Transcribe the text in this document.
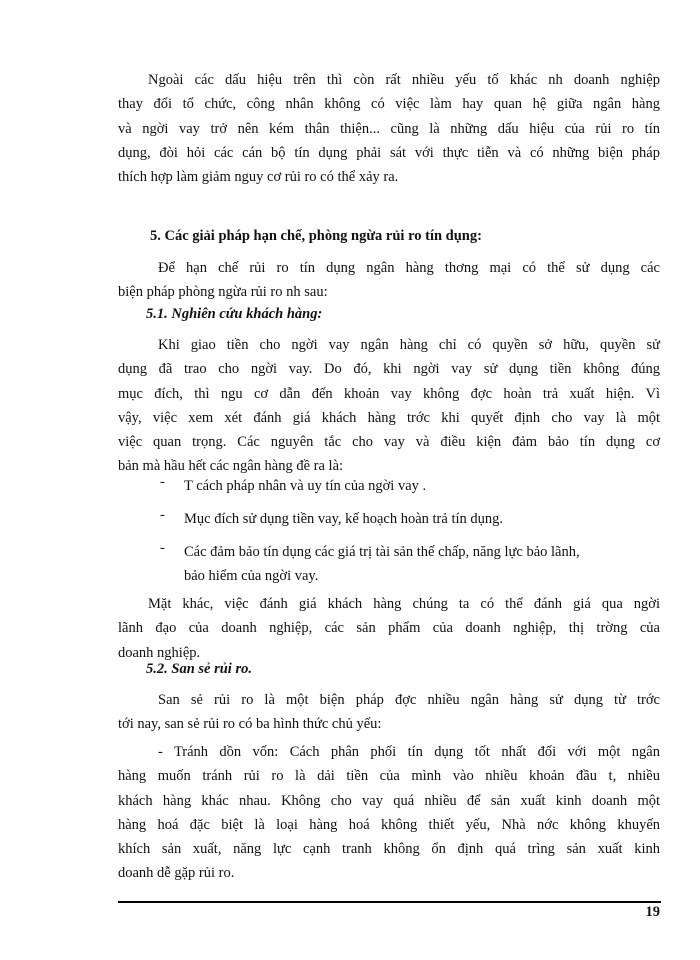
Ngoài các dấu hiệu trên thì còn rất nhiều yếu tố khác nh doanh nghiệp
thay đổi tổ chức, công nhân không có việc làm hay quan hệ giữa ngân hàng
và ngời vay trở nên kém thân thiện... cũng là những dấu hiệu của rủi ro tín
dụng, đòi hỏi các cán bộ tín dụng phải sát với thực tiễn và có những biện pháp
thích hợp làm giảm nguy cơ rủi ro có thể xảy ra.
5. Các giải pháp hạn chế, phòng ngừa rủi ro tín dụng:
Để hạn chế rủi ro tín dụng ngân hàng thơng mại có thể sử dụng các
biện pháp phòng ngừa rủi ro nh sau:
5.1. Nghiên cứu khách hàng:
Khi giao tiền cho ngời vay ngân hàng chỉ có quyền sở hữu, quyền sử
dụng đã trao cho ngời vay. Do đó, khi ngời vay sử dụng tiền không đúng
mục đích, thì ngu cơ dẫn đến khoản vay không đợc hoàn trả xuất hiện. Vì
vậy, việc xem xét đánh giá khách hàng trớc khi quyết định cho vay là một
việc quan trọng. Các nguyên tắc cho vay và điều kiện đảm bảo tín dụng cơ
bản mà hầu hết các ngân hàng đề ra là:
- T cách pháp nhân và uy tín của ngời vay .
- Mục đích sử dụng tiền vay, kế hoạch hoàn trả tín dụng.
- Các đảm bảo tín dụng các giá trị tài sản thế chấp, năng lực bảo lãnh,
bảo hiểm của ngời vay.
Mặt khác, việc đánh giá khách hàng chúng ta có thể đánh giá qua ngời
lãnh đạo của doanh nghiệp, các sản phẩm của doanh nghiệp, thị trờng của
doanh nghiệp.
5.2. San sẻ rủi ro.
San sẻ rủi ro là một biện pháp đợc nhiều ngân hàng sử dụng từ trớc
tới nay, san sẻ rủi ro có ba hình thức chủ yếu:
- Tránh dồn vốn: Cách phân phối tín dụng tốt nhất đối với một ngân
hàng muốn tránh rủi ro là dải tiền của mình vào nhiều khoản đầu t, nhiều
khách hàng khác nhau. Không cho vay quá nhiều để sản xuất kinh doanh một
hàng hoá đặc biệt là loại hàng hoá không thiết yếu, Nhà nớc không khuyến
khích sản xuất, năng lực cạnh tranh không ổn định quá trìng sản xuất kinh
doanh dễ gặp rủi ro.
19
